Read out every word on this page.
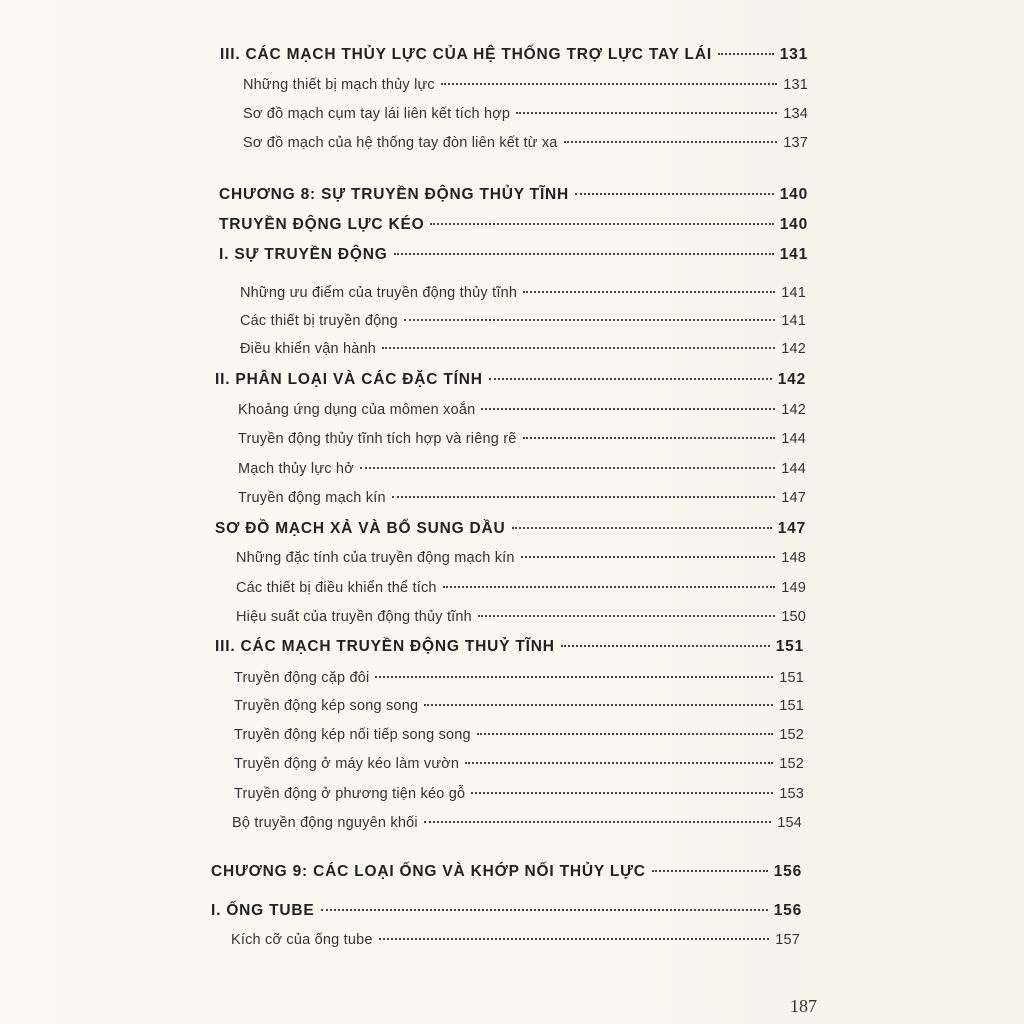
III. CÁC MẠCH THỦY LỰC CỦA HỆ THỐNG TRỢ LỰC TAY LÁI	131
Những thiết bị mạch thủy lực	131
Sơ đồ mạch cụm tay lái liên kết tích hợp	134
Sơ đồ mạch của hệ thống tay đòn liên kết từ xa	137
CHƯƠNG 8: SỰ TRUYỀN ĐỘNG THỦY TĨNH	140
TRUYỀN ĐỘNG LỰC KÉO	140
I. SỰ TRUYỀN ĐỘNG	141
Những ưu điểm của truyền động thủy tĩnh	141
Các thiết bị truyền động	141
Điều khiển vận hành	142
II. PHÂN LOẠI VÀ CÁC ĐẶC TÍNH	142
Khoảng ứng dụng của mômen xoắn	142
Truyền động thủy tĩnh tích hợp và riêng rẽ	144
Mạch thủy lực hở	144
Truyền động mạch kín	147
SƠ ĐỒ MẠCH XẢ VÀ BỔ SUNG DẦU	147
Những đặc tính của truyền động mạch kín	148
Các thiết bị điều khiển thể tích	149
Hiệu suất của truyền động thủy tĩnh	150
III. CÁC MẠCH TRUYỀN ĐỘNG THUỶ TĨNH	151
Truyền động cặp đôi	151
Truyền động kép song song	151
Truyền động kép nối tiếp song song	152
Truyền động ở máy kéo làm vườn	152
Truyền động ở phương tiện kéo gỗ	153
Bộ truyền động nguyên khối	154
CHƯƠNG 9: CÁC LOẠI ỐNG VÀ KHỚP NỐI THỦY LỰC	156
I. ỐNG TUBE	156
Kích cỡ của ống tube	157
187
